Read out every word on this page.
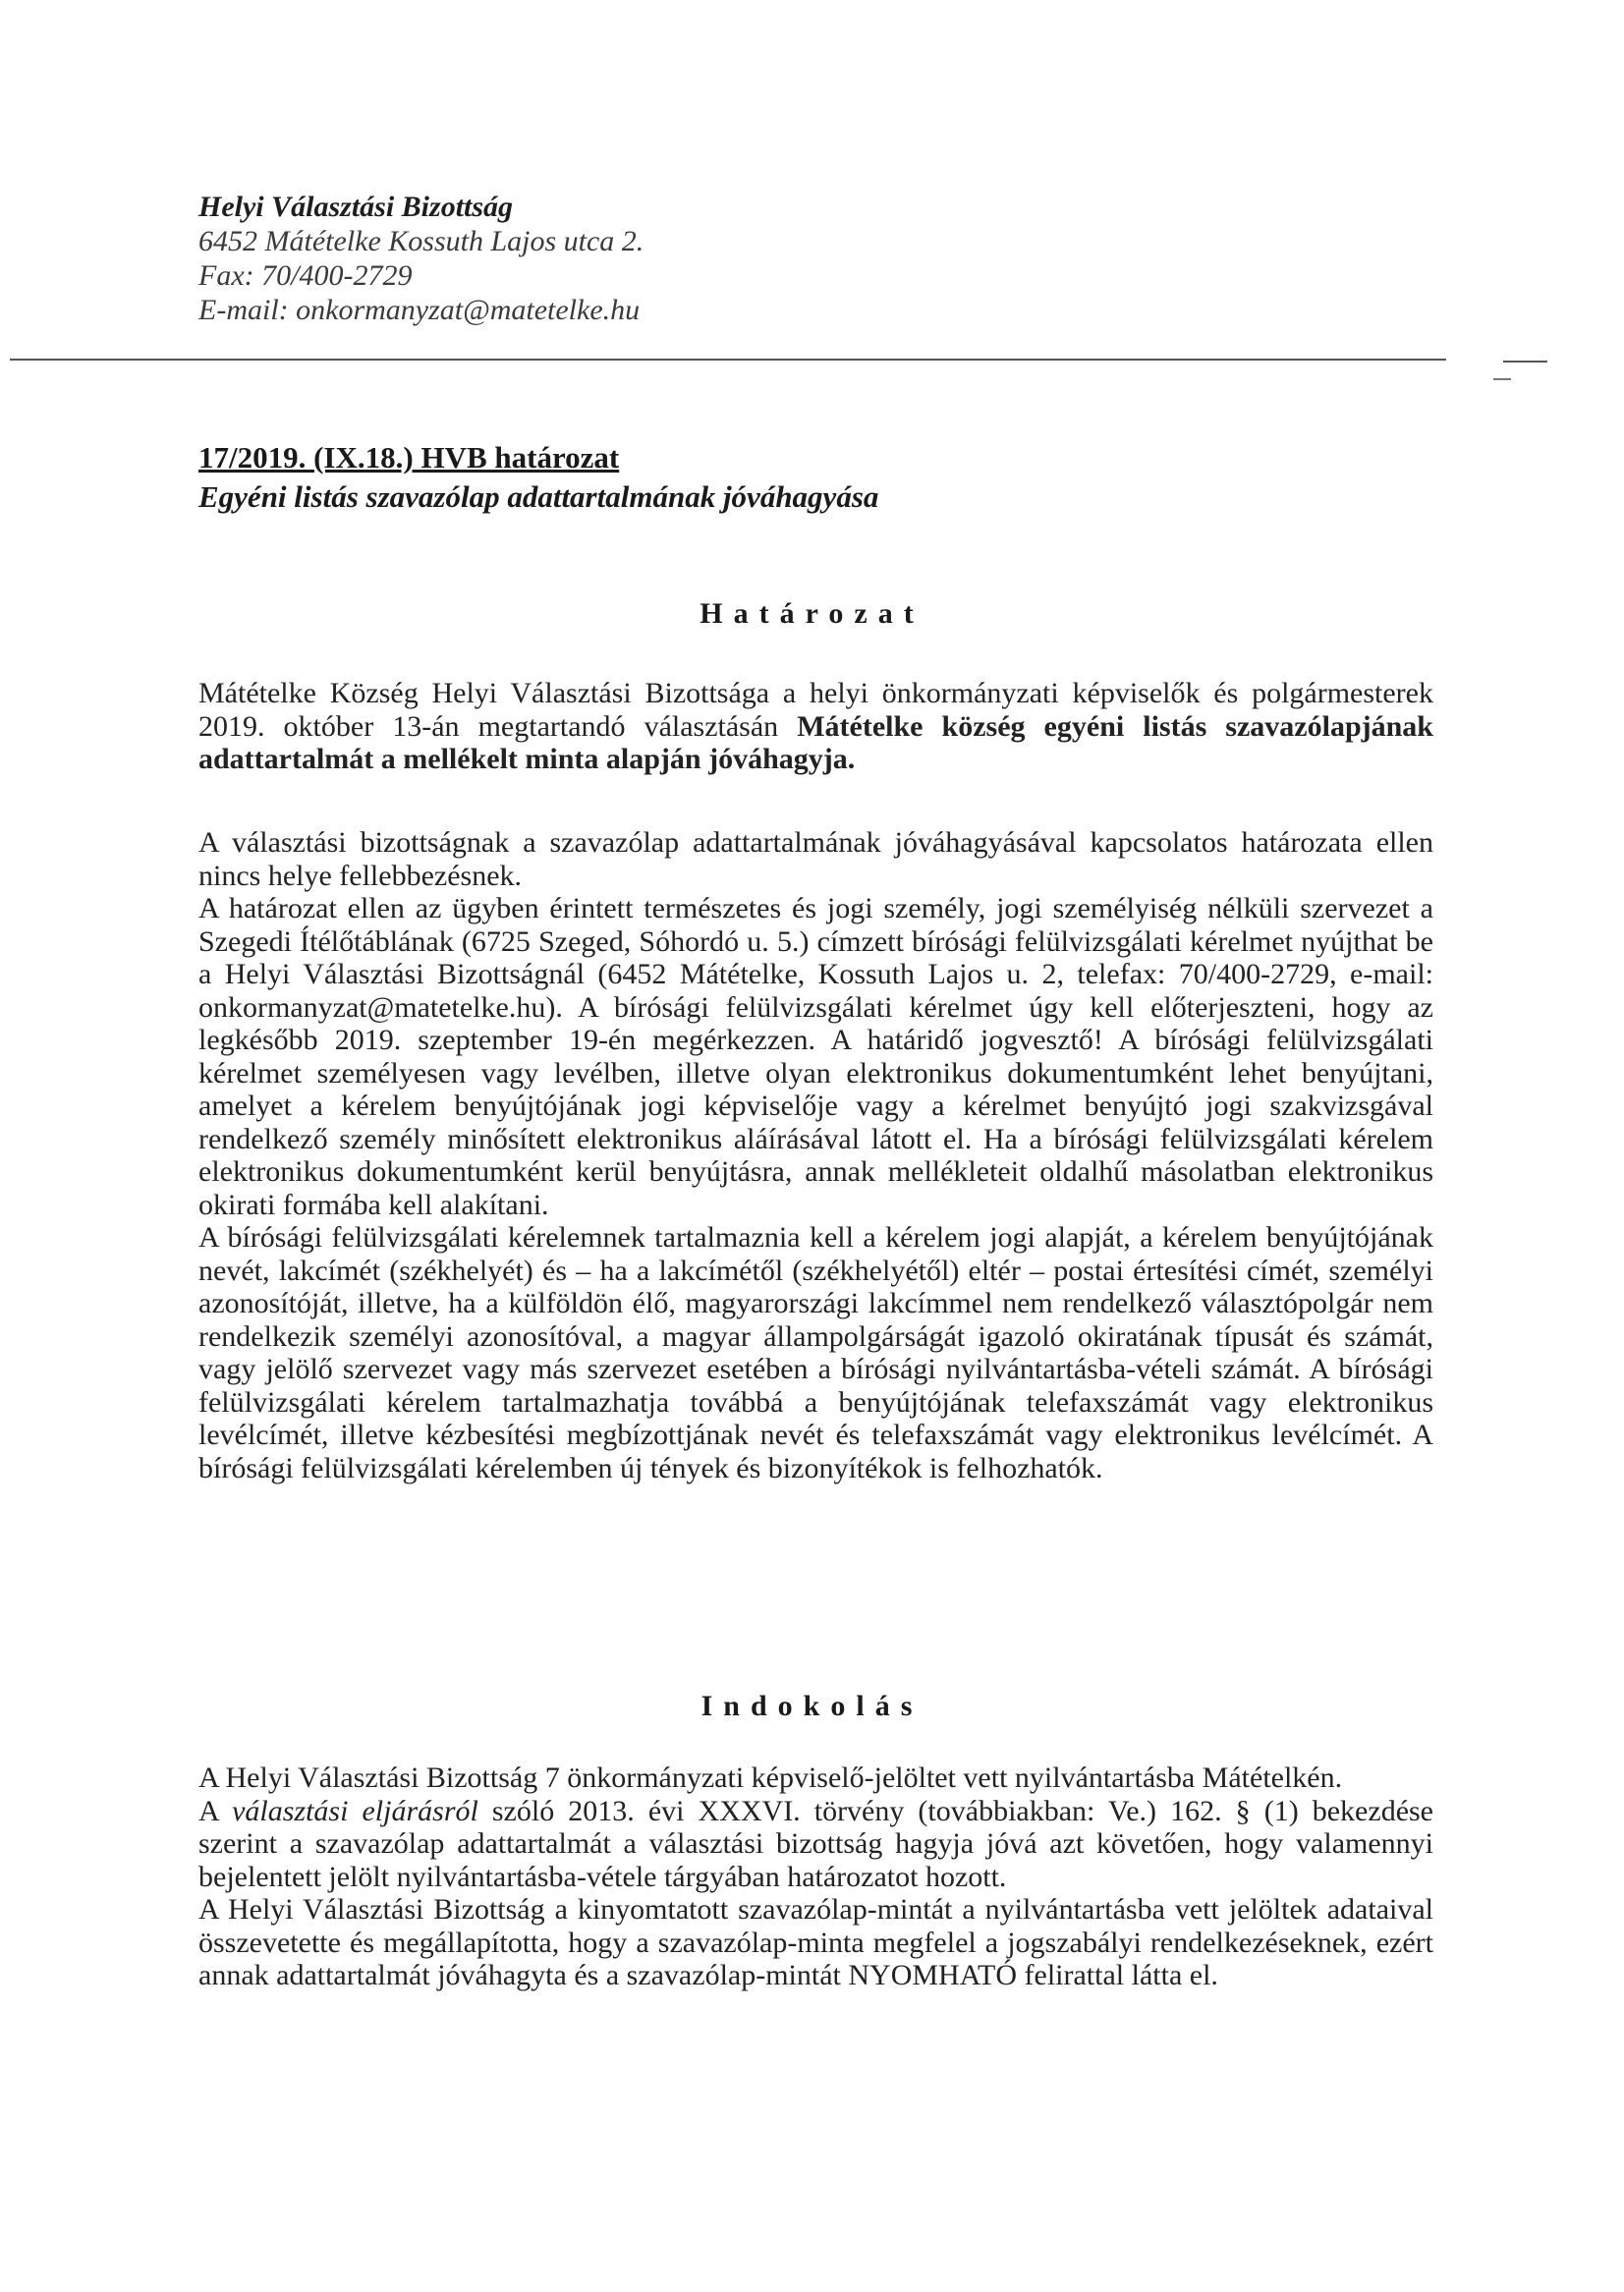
Helyi Választási Bizottság
6452 Mátételke Kossuth Lajos utca 2.
Fax: 70/400-2729
E-mail: onkormanyzat@matetelke.hu
17/2019. (IX.18.) HVB határozat
Egyéni listás szavazólap adattartalmának jóváhagyása
Határozat

Mátételke Község Helyi Választási Bizottsága a helyi önkormányzati képviselők és polgármesterek 2019. október 13-án megtartandó választásán Mátételke község egyéni listás szavazólapjának adattartalmát a mellékelt minta alapján jóváhagyja.

A választási bizottságnak a szavazólap adattartalmának jóváhagyásával kapcsolatos határozata ellen nincs helye fellebbezésnek.

A határozat ellen az ügyben érintett természetes és jogi személy, jogi személyiség nélküli szervezet a Szegedi Ítélőtáblának (6725 Szeged, Sóhordó u. 5.) címzett bírósági felülvizsgálati kérelmet nyújthat be a Helyi Választási Bizottságnál (6452 Mátételke, Kossuth Lajos u. 2, telefax: 70/400-2729, e-mail: onkormanyzat@matetelke.hu). A bírósági felülvizsgálati kérelmet úgy kell előterjeszteni, hogy az legkésőbb 2019. szeptember 19-én megérkezzen. A határidő jogvesztő! A bírósági felülvizsgálati kérelmet személyesen vagy levélben, illetve olyan elektronikus dokumentumként lehet benyújtani, amelyet a kérelem benyújtójának jogi képviselője vagy a kérelmet benyújtó jogi szakvizsgával rendelkező személy minősített elektronikus aláírásával látott el. Ha a bírósági felülvizsgálati kérelem elektronikus dokumentumként kerül benyújtásra, annak mellékleteit oldalhű másolatban elektronikus okirati formába kell alakítani.

A bírósági felülvizsgálati kérelemnek tartalmaznia kell a kérelem jogi alapját, a kérelem benyújtójának nevét, lakcímét (székhelyét) és – ha a lakcímétől (székhelyétől) eltér – postai értesítési címét, személyi azonosítóját, illetve, ha a külföldön élő, magyarországi lakcímmel nem rendelkező választópolgár nem rendelkezik személyi azonosítóval, a magyar állampolgárságát igazoló okiratának típusát és számát, vagy jelölő szervezet vagy más szervezet esetében a bírósági nyilvántartásba-vételi számát. A bírósági felülvizsgálati kérelem tartalmazhatja továbbá a benyújtójának telefaxszámát vagy elektronikus levélcímét, illetve kézbesítési megbízottjának nevét és telefaxszámát vagy elektronikus levélcímét. A bírósági felülvizsgálati kérelemben új tények és bizonyítékok is felhozhatók.

Indokolás

A Helyi Választási Bizottság 7 önkormányzati képviselő-jelöltet vett nyilvántartásba Mátételkén.

A választási eljárásról szóló 2013. évi XXXVI. törvény (továbbiakban: Ve.) 162. § (1) bekezdése szerint a szavazólap adattartalmát a választási bizottság hagyja jóvá azt követően, hogy valamennyi bejelentett jelölt nyilvántartásba-vétele tárgyában határozatot hozott.

A Helyi Választási Bizottság a kinyomtatott szavazólap-mintát a nyilvántartásba vett jelöltek adataival összevetette és megállapította, hogy a szavazólap-minta megfelel a jogszabályi rendelkezéseknek, ezért annak adattartalmát jóváhagyta és a szavazólap-mintát NYOMHATÓ felirattal látta el.
